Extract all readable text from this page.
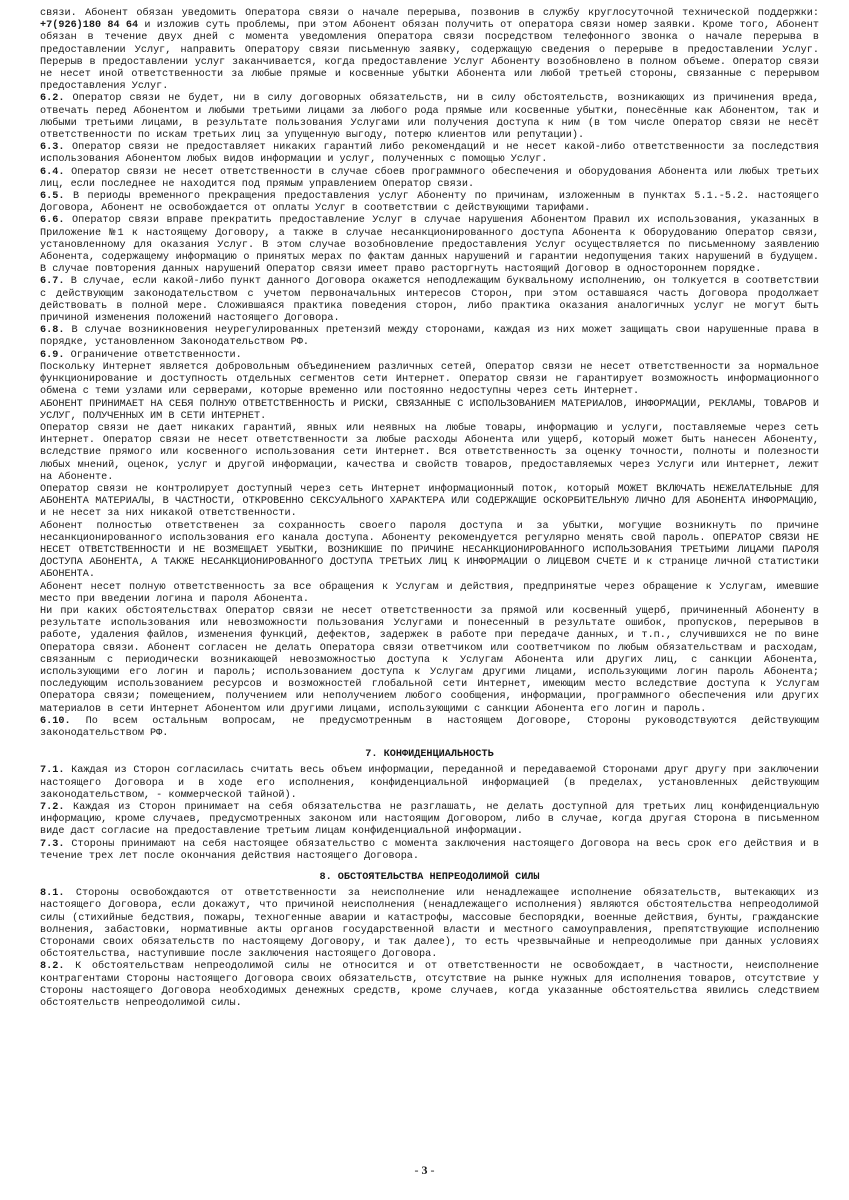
связи. Абонент обязан уведомить Оператора связи о начале перерыва, позвонив в службу круглосуточной технической поддержки: +7(926)180 84 64 и изложив суть проблемы, при этом Абонент обязан получить от оператора связи номер заявки. Кроме того, Абонент обязан в течение двух дней с момента уведомления Оператора связи посредством телефонного звонка о начале перерыва в предоставлении Услуг, направить Оператору связи письменную заявку, содержащую сведения о перерыве в предоставлении Услуг. Перерыв в предоставлении услуг заканчивается, когда предоставление Услуг Абоненту возобновлено в полном объеме. Оператор связи не несет иной ответственности за любые прямые и косвенные убытки Абонента или любой третьей стороны, связанные с перерывом предоставления Услуг.
6.2. Оператор связи не будет, ни в силу договорных обязательств, ни в силу обстоятельств, возникающих из причинения вреда, отвечать перед Абонентом и любыми третьими лицами за любого рода прямые или косвенные убытки, понесённые как Абонентом, так и любыми третьими лицами, в результате пользования Услугами или получения доступа к ним (в том числе Оператор связи не несёт ответственности по искам третьих лиц за упущенную выгоду, потерю клиентов или репутации).
6.3. Оператор связи не предоставляет никаких гарантий либо рекомендаций и не несет какой-либо ответственности за последствия использования Абонентом любых видов информации и услуг, полученных с помощью Услуг.
6.4. Оператор связи не несет ответственности в случае сбоев программного обеспечения и оборудования Абонента или любых третьих лиц, если последнее не находится под прямым управлением Оператор связи.
6.5. В периоды временного прекращения предоставления услуг Абоненту по причинам, изложенным в пунктах 5.1.-5.2. настоящего Договора, Абонент не освобождается от оплаты Услуг в соответствии с действующими тарифами.
6.6. Оператор связи вправе прекратить предоставление Услуг в случае нарушения Абонентом Правил их использования, указанных в Приложение №1 к настоящему Договору, а также в случае несанкционированного доступа Абонента к Оборудованию Оператор связи, установленному для оказания Услуг. В этом случае возобновление предоставления Услуг осуществляется по письменному заявлению Абонента, содержащему информацию о принятых мерах по фактам данных нарушений и гарантии недопущения таких нарушений в будущем. В случае повторения данных нарушений Оператор связи имеет право расторгнуть настоящий Договор в одностороннем порядке.
6.7. В случае, если какой-либо пункт данного Договора окажется неподлежащим буквальному исполнению, он толкуется в соответствии с действующим законодательством с учетом первоначальных интересов Сторон, при этом оставшаяся часть Договора продолжает действовать в полной мере. Сложившаяся практика поведения сторон, либо практика оказания аналогичных услуг не могут быть причиной изменения положений настоящего Договора.
6.8. В случае возникновения неурегулированных претензий между сторонами, каждая из них может защищать свои нарушенные права в порядке, установленном Законодательством РФ.
6.9. Ограничение ответственности.
Поскольку Интернет является добровольным объединением различных сетей, Оператор связи не несет ответственности за нормальное функционирование и доступность отдельных сегментов сети Интернет. Оператор связи не гарантирует возможность информационного обмена с теми узлами или серверами, которые временно или постоянно недоступны через сеть Интернет.
АБОНЕНТ ПРИНИМАЕТ НА СЕБЯ ПОЛНУЮ ОТВЕТСТВЕННОСТЬ И РИСКИ, СВЯЗАННЫЕ С ИСПОЛЬЗОВАНИЕМ МАТЕРИАЛОВ, ИНФОРМАЦИИ, РЕКЛАМЫ, ТОВАРОВ И УСЛУГ, ПОЛУЧЕННЫХ ИМ В СЕТИ ИНТЕРНЕТ.
Оператор связи не дает никаких гарантий, явных или неявных на любые товары, информацию и услуги, поставляемые через сеть Интернет. Оператор связи не несет ответственности за любые расходы Абонента или ущерб, который может быть нанесен Абоненту, вследствие прямого или косвенного использования сети Интернет. Вся ответственность за оценку точности, полноты и полезности любых мнений, оценок, услуг и другой информации, качества и свойств товаров, предоставляемых через Услуги или Интернет, лежит на Абоненте.
Оператор связи не контролирует доступный через сеть Интернет информационный поток, который МОЖЕТ ВКЛЮЧАТЬ НЕЖЕЛАТЕЛЬНЫЕ ДЛЯ АБОНЕНТА МАТЕРИАЛЫ, В ЧАСТНОСТИ, ОТКРОВЕННО СЕКСУАЛЬНОГО ХАРАКТЕРА ИЛИ СОДЕРЖАЩИЕ ОСКОРБИТЕЛЬНУЮ ЛИЧНО ДЛЯ АБОНЕНТА ИНФОРМАЦИЮ, и не несет за них никакой ответственности.
Абонент полностью ответственен за сохранность своего пароля доступа и за убытки, могущие возникнуть по причине несанкционированного использования его канала доступа. Абоненту рекомендуется регулярно менять свой пароль. ОПЕРАТОР СВЯЗИ НЕ НЕСЕТ ОТВЕТСТВЕННОСТИ И НЕ ВОЗМЕЩАЕТ УБЫТКИ, ВОЗНИКШИЕ ПО ПРИЧИНЕ НЕСАНКЦИОНИРОВАННОГО ИСПОЛЬЗОВАНИЯ ТРЕТЬИМИ ЛИЦАМИ ПАРОЛЯ ДОСТУПА АБОНЕНТА, А ТАКЖЕ НЕСАНКЦИОНИРОВАННОГО ДОСТУПА ТРЕТЬИХ ЛИЦ К ИНФОРМАЦИИ О ЛИЦЕВОМ СЧЕТЕ И к странице личной статистики АБОНЕНТА.
Абонент несет полную ответственность за все обращения к Услугам и действия, предпринятые через обращение к Услугам, имевшие место при введении логина и пароля Абонента.
Ни при каких обстоятельствах Оператор связи не несет ответственности за прямой или косвенный ущерб, причиненный Абоненту в результате использования или невозможности пользования Услугами и понесенный в результате ошибок, пропусков, перерывов в работе, удаления файлов, изменения функций, дефектов, задержек в работе при передаче данных, и т.п., случившихся не по вине Оператора связи. Абонент согласен не делать Оператора связи ответчиком или соответчиком по любым обязательствам и расходам, связанным с периодически возникающей невозможностью доступа к Услугам Абонента или других лиц, с санкции Абонента, использующими его логин и пароль; использованием доступа к Услугам другими лицами, использующими логин пароль Абонента; последующим использованием ресурсов и возможностей глобальной сети Интернет, имеющим место вследствие доступа к Услугам Оператора связи; помещением, получением или неполучением любого сообщения, информации, программного обеспечения или других материалов в сети Интернет Абонентом или другими лицами, использующими с санкции Абонента его логин и пароль.
6.10. По всем остальным вопросам, не предусмотренным в настоящем Договоре, Стороны руководствуются действующим законодательством РФ.
7. КОНФИДЕНЦИАЛЬНОСТЬ
7.1. Каждая из Сторон согласилась считать весь объем информации, переданной и передаваемой Сторонами друг другу при заключении настоящего Договора и в ходе его исполнения, конфиденциальной информацией (в пределах, установленных действующим законодательством, - коммерческой тайной).
7.2. Каждая из Сторон принимает на себя обязательства не разглашать, не делать доступной для третьих лиц конфиденциальную информацию, кроме случаев, предусмотренных законом или настоящим Договором, либо в случае, когда другая Сторона в письменном виде даст согласие на предоставление третьим лицам конфиденциальной информации.
7.3. Стороны принимают на себя настоящее обязательство с момента заключения настоящего Договора на весь срок его действия и в течение трех лет после окончания действия настоящего Договора.
8. ОБСТОЯТЕЛЬСТВА НЕПРЕОДОЛИМОЙ СИЛЫ
8.1. Стороны освобождаются от ответственности за неисполнение или ненадлежащее исполнение обязательств, вытекающих из настоящего Договора, если докажут, что причиной неисполнения (ненадлежащего исполнения) являются обстоятельства непреодолимой силы (стихийные бедствия, пожары, техногенные аварии и катастрофы, массовые беспорядки, военные действия, бунты, гражданские волнения, забастовки, нормативные акты органов государственной власти и местного самоуправления, препятствующие исполнению Сторонами своих обязательств по настоящему Договору, и так далее), то есть чрезвычайные и непреодолимые при данных условиях обстоятельства, наступившие после заключения настоящего Договора.
8.2. К обстоятельствам непреодолимой силы не относится и от ответственности не освобождает, в частности, неисполнение контрагентами Стороны настоящего Договора своих обязательств, отсутствие на рынке нужных для исполнения товаров, отсутствие у Стороны настоящего Договора необходимых денежных средств, кроме случаев, когда указанные обстоятельства явились следствием обстоятельств непреодолимой силы.
- 3 -
